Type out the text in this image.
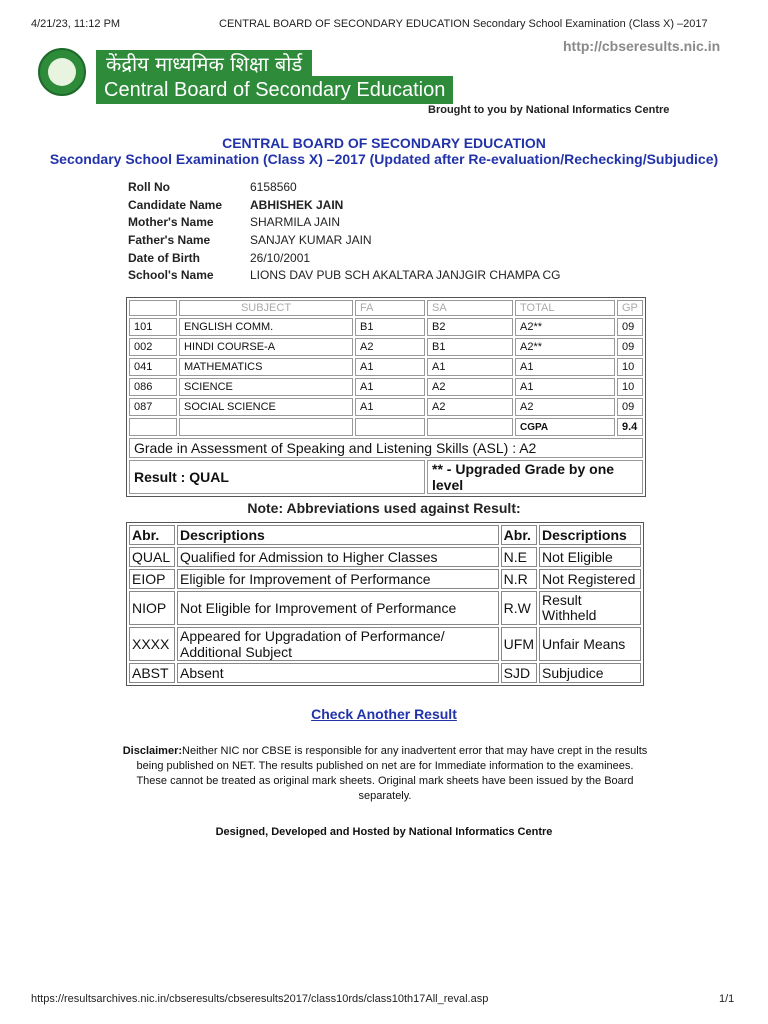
4/21/23, 11:12 PM	CENTRAL BOARD OF SECONDARY EDUCATION Secondary School Examination (Class X) –2017
http://cbseresults.nic.in
केंद्रीय माध्यमिक शिक्षा बोर्ड
Central Board of Secondary Education
Brought to you by National Informatics Centre
CENTRAL BOARD OF SECONDARY EDUCATION
Secondary School Examination (Class X) –2017 (Updated after Re-evaluation/Rechecking/Subjudice)
Roll No	6158560
Candidate Name ABHISHEK JAIN
Mother's Name	SHARMILA JAIN
Father's Name	SANJAY KUMAR JAIN
Date of Birth	26/10/2001
School's Name	LIONS DAV PUB SCH AKALTARA JANJGIR CHAMPA CG
	SUBJECT	FA	SA	TOTAL	GP
101	ENGLISH COMM.	B1	B2	A2**	09
002	HINDI COURSE-A	A2	B1	A2**	09
041	MATHEMATICS	A1	A1	A1	10
086	SCIENCE	A1	A2	A1	10
087	SOCIAL SCIENCE	A1	A2	A2	09
				CGPA	9.4
Grade in Assessment of Speaking and Listening Skills (ASL) : A2					
Result : QUAL			** - Upgraded Grade by one level		
Note: Abbreviations used against Result:
Abr.	Descriptions	Abr.	Descriptions
QUAL	Qualified for Admission to Higher Classes	N.E	Not Eligible
EIOP	Eligible for Improvement of Performance	N.R	Not Registered
NIOP	Not Eligible for Improvement of Performance	R.W	Result Withheld
XXXX	Appeared for Upgradation of Performance/ Additional Subject	UFM	Unfair Means
ABST	Absent	SJD	Subjudice
Check Another Result
Disclaimer:Neither NIC nor CBSE is responsible for any inadvertent error that may have crept in the results being published on NET. The results published on net are for Immediate information to the examinees. These cannot be treated as original mark sheets. Original mark sheets have been issued by the Board separately.
Designed, Developed and Hosted by National Informatics Centre
https://resultsarchives.nic.in/cbseresults/cbseresults2017/class10rds/class10th17All_reval.asp	1/1
